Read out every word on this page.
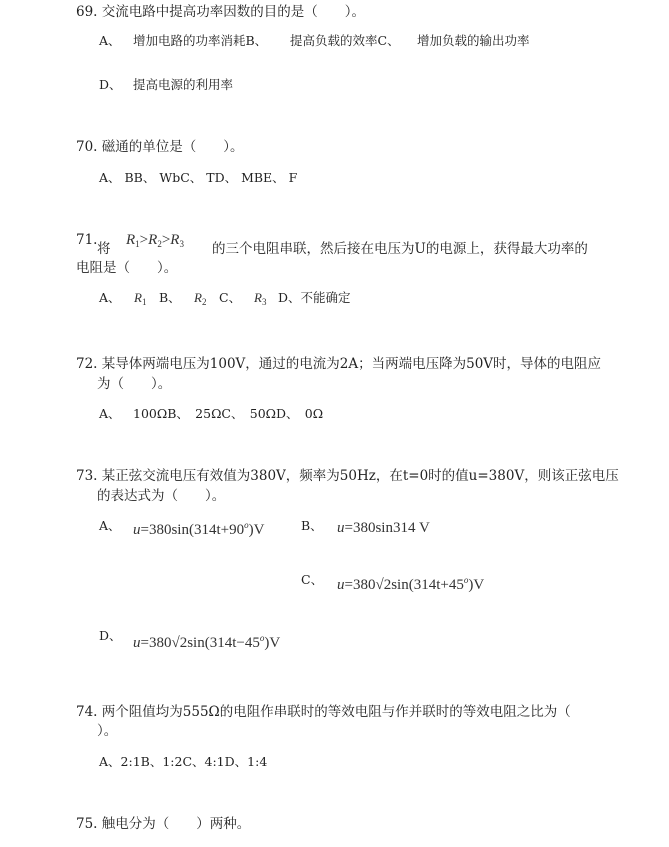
69. 交流电路中提高功率因数的目的是（　　）。
A、 增加电路的功率消耗B、 提高负载的效率C、 增加负载的输出功率
D、 提高电源的利用率
70. 磁通的单位是（　　）。
A、 BB、 WbC、 TD、 MBE、 F
71.
将
$R_1>R_2>R_3$ 的三个电阻串联，然后接在电压为U的电源上，获得最大功率的
电阻是（　　）。
A、 $R_1$ B、 $R_2$ C、 $R_3$ D、不能确定
72. 某导体两端电压为100V，通过的电流为2A；当两端电压降为50V时，导体的电阻应
为（　　）。
A、 100ΩB、　25ΩC、　50ΩD、　0Ω
73. 某正弦交流电压有效值为380V，频率为50Hz，在t=0时的值u=380V，则该正弦电压
的表达式为（　　）。
A、 $u=380\sin(314t+90^o)V$	B、 u=380sin314 V
C、 $u=380√2\sin(314t+45^o)V$
D、 $u=380√2\sin(314t-45^o)V$
74. 两个阻值均为555Ω的电阻作串联时的等效电阻与作并联时的等效电阻之比为（
）。
A、2:1B、1:2C、4:1D、1:4
75. 触电分为（　　）两种。
